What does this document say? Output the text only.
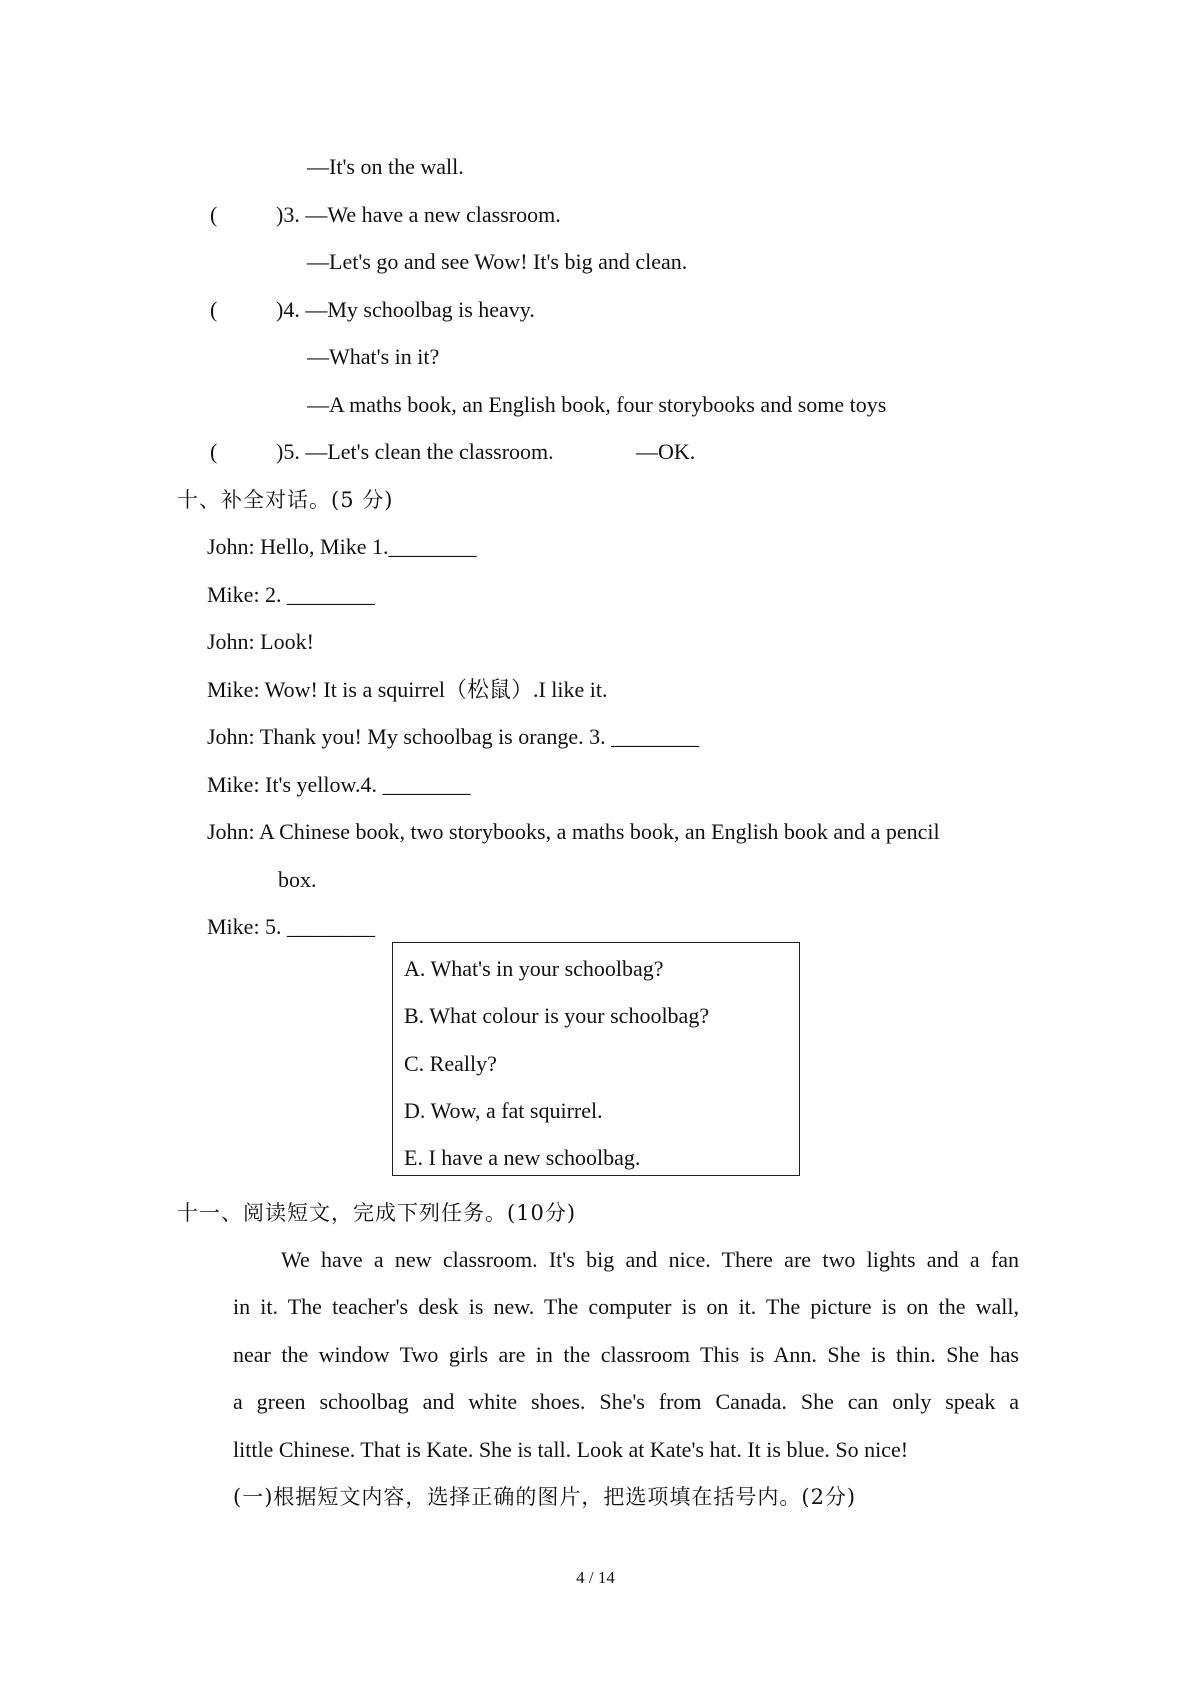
—It's on the wall.
(	)3. —We have a new classroom.
—Let's go and see Wow! It's big and clean.
(	)4. —My schoolbag is heavy.
—What's in it?
—A maths book, an English book, four storybooks and some toys
(	)5. —Let's clean the classroom.	—OK.
十、补全对话。(5 分)
John: Hello, Mike 1.________
Mike: 2. ________
John: Look!
Mike: Wow! It is a squirrel（松鼠）.I like it.
John: Thank you! My schoolbag is orange. 3. ________
Mike: It's yellow.4. ________
John: A Chinese book, two storybooks, a maths book, an English book and a pencil
box.
Mike: 5. ________
A. What's in your schoolbag?
B. What colour is your schoolbag?
C. Really?
D. Wow, a fat squirrel.
E. I have a new schoolbag.
十一、阅读短文，完成下列任务。(10分)
We have a new classroom. It's big and nice. There are two lights and a fan
in it. The teacher's desk is new. The computer is on it. The picture is on the wall,
near the window Two girls are in the classroom This is Ann. She is thin. She has
a green schoolbag and white shoes. She's from Canada. She can only speak a
little Chinese. That is Kate. She is tall. Look at Kate's hat. It is blue. So nice!
(一)根据短文内容，选择正确的图片，把选项填在括号内。(2分)
4 / 14
